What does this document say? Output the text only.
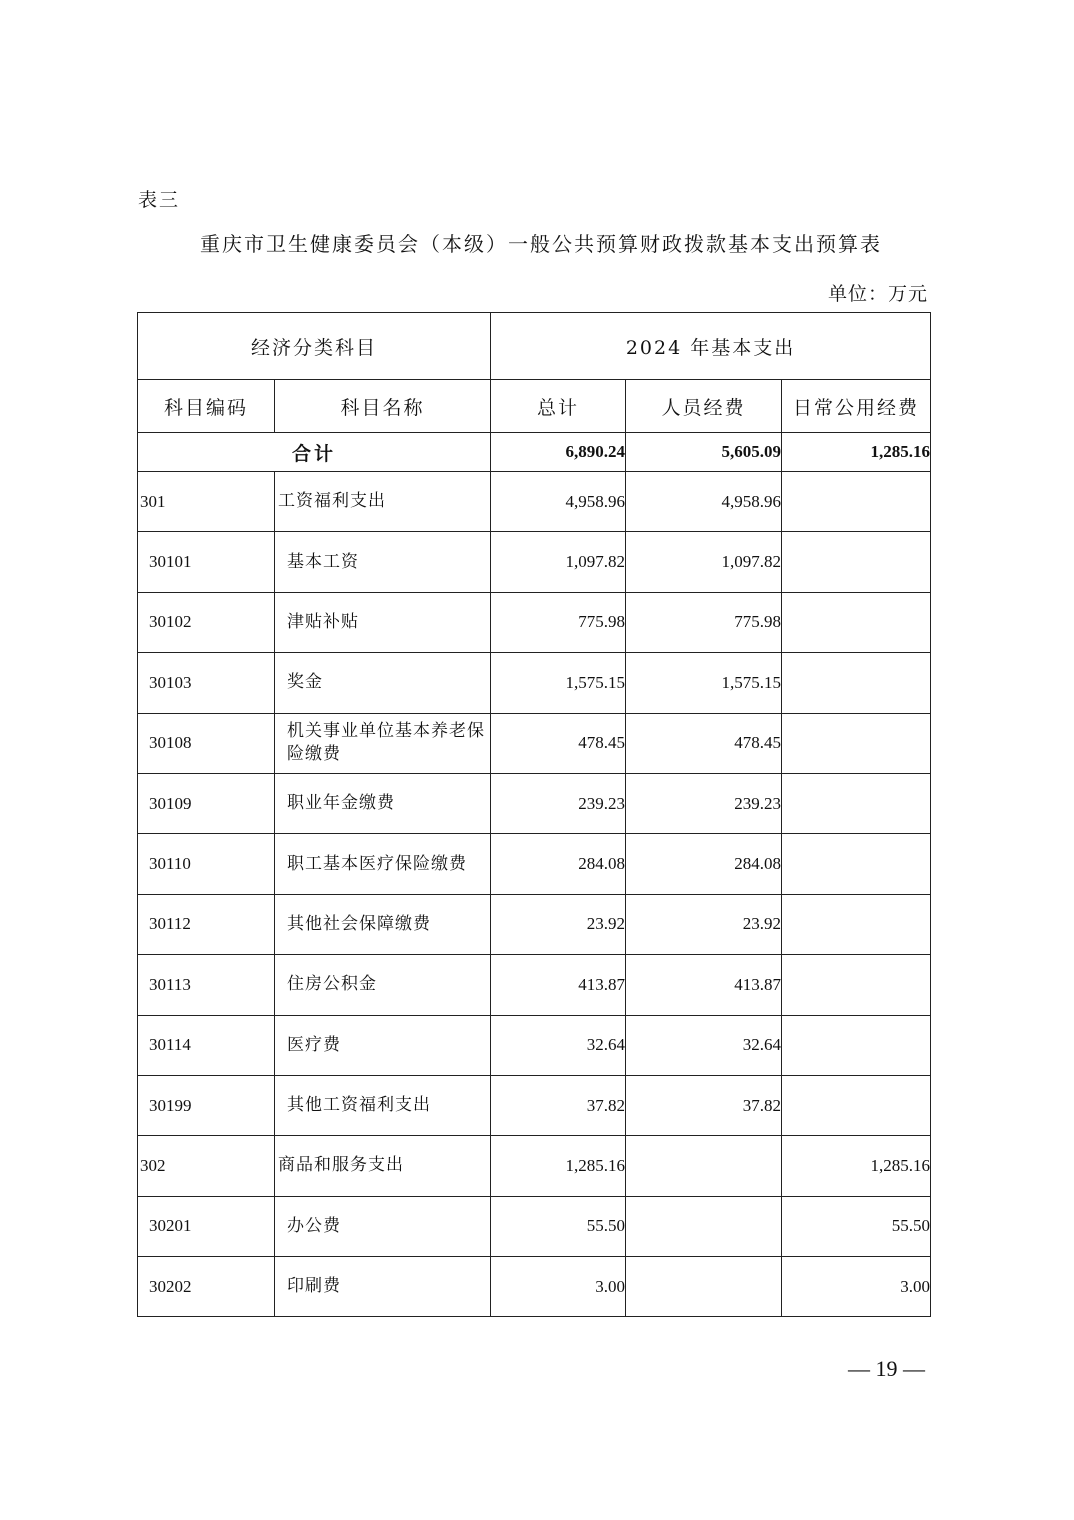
表三
重庆市卫生健康委员会（本级）一般公共预算财政拨款基本支出预算表
单位：万元
经济分类科目		2024 年基本支出		
科目编码	科目名称	总计	人员经费	日常公用经费
合计		6,890.24	5,605.09	1,285.16
301	工资福利支出	4,958.96	4,958.96	
30101	基本工资	1,097.82	1,097.82	
30102	津贴补贴	775.98	775.98	
30103	奖金	1,575.15	1,575.15	
30108	机关事业单位基本养老保险缴费	478.45	478.45	
30109	职业年金缴费	239.23	239.23	
30110	职工基本医疗保险缴费	284.08	284.08	
30112	其他社会保障缴费	23.92	23.92	
30113	住房公积金	413.87	413.87	
30114	医疗费	32.64	32.64	
30199	其他工资福利支出	37.82	37.82	
302	商品和服务支出	1,285.16		1,285.16
30201	办公费	55.50		55.50
30202	印刷费	3.00		3.00
— 19 —
